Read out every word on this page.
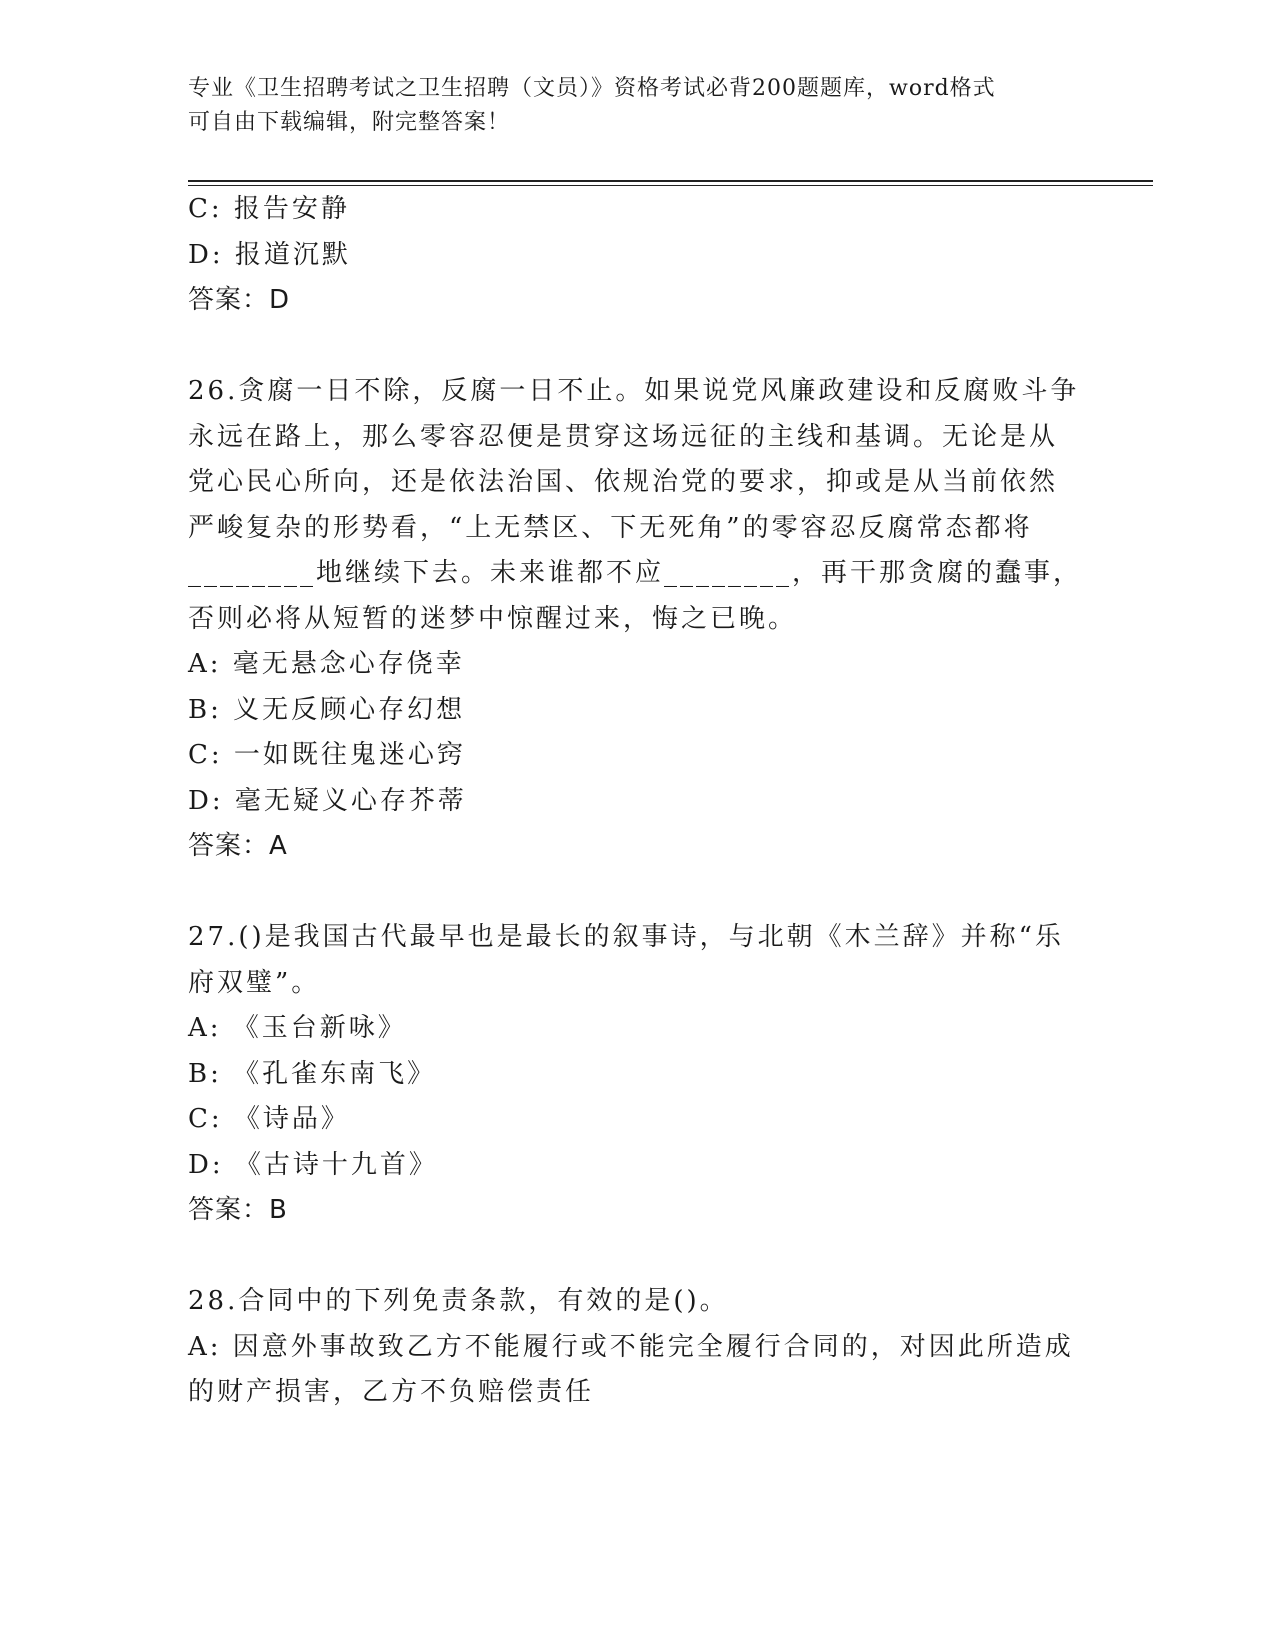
专业《卫生招聘考试之卫生招聘（文员）》资格考试必背200题题库，word格式
可自由下载编辑，附完整答案！
C: 报告安静
D: 报道沉默
答案：D
26.贪腐一日不除，反腐一日不止。如果说党风廉政建设和反腐败斗争
永远在路上，那么零容忍便是贯穿这场远征的主线和基调。无论是从
党心民心所向，还是依法治国、依规治党的要求，抑或是从当前依然
严峻复杂的形势看，“上无禁区、下无死角”的零容忍反腐常态都将
________地继续下去。未来谁都不应________，再干那贪腐的蠢事，
否则必将从短暂的迷梦中惊醒过来，悔之已晚。
A: 毫无悬念心存侥幸
B: 义无反顾心存幻想
C: 一如既往鬼迷心窍
D: 毫无疑义心存芥蒂
答案：A
27.()是我国古代最早也是最长的叙事诗，与北朝《木兰辞》并称“乐
府双璧”。
A: 《玉台新咏》
B: 《孔雀东南飞》
C: 《诗品》
D: 《古诗十九首》
答案：B
28.合同中的下列免责条款，有效的是()。
A: 因意外事故致乙方不能履行或不能完全履行合同的，对因此所造成
的财产损害，乙方不负赔偿责任
